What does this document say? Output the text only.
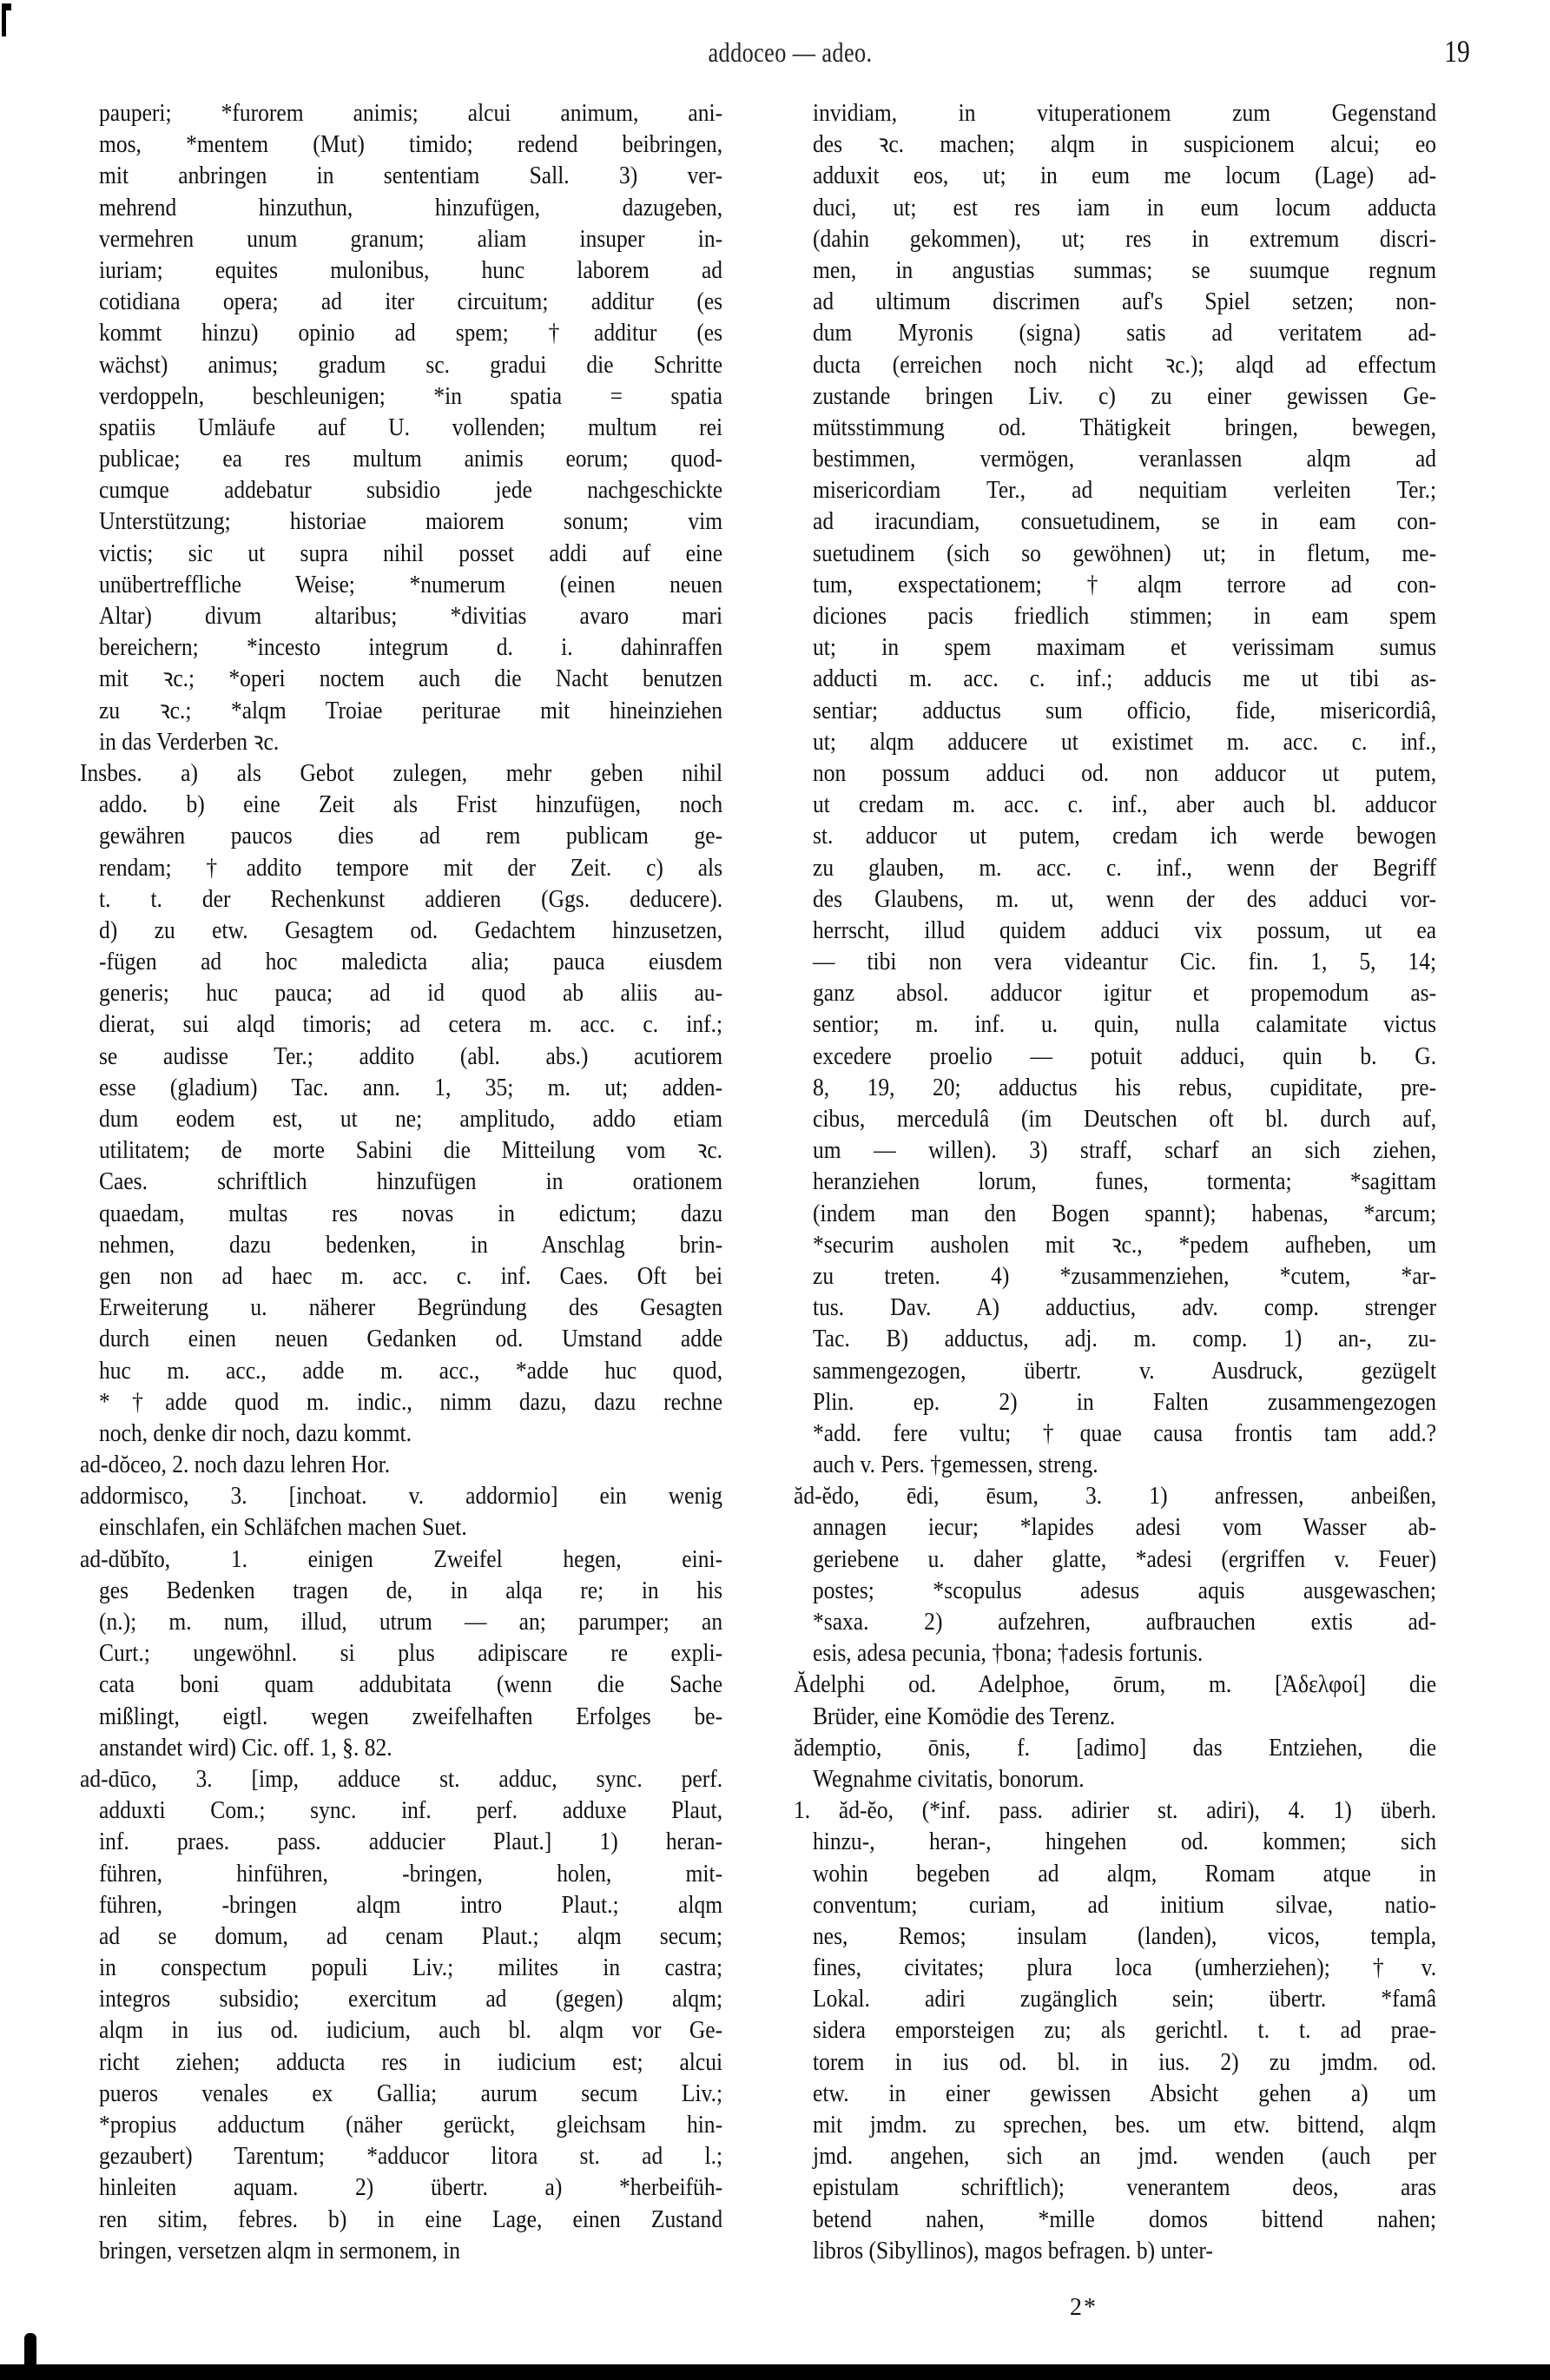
addoceo — adeo.	19
pauperi; *furorem animis; alcui animum, ani-
mos, *mentem (Mut) timido; redend beibringen,
mit anbringen in sententiam Sall. 3) ver-
mehrend hinzuthun, hinzufügen, dazugeben,
vermehren unum granum; aliam insuper in-
iuriam; equites mulonibus, hunc laborem ad
cotidiana opera; ad iter circuitum; additur (es
kommt hinzu) opinio ad spem; †additur (es
wächst) animus; gradum sc. gradui die Schritte
verdoppeln, beschleunigen; *in spatia = spatia
spatiis Umläufe auf U. vollenden; multum rei
publicae; ea res multum animis eorum; quod-
cumque addebatur subsidio jede nachgeschickte
Unterstützung; historiae maiorem sonum; vim
victis; sic ut supra nihil posset addi auf eine
unübertreffliche Weise; *numerum (einen neuen
Altar) divum altaribus; *divitias avaro mari
bereichern; *incesto integrum d. i. dahinraffen
mit ꝛc.; *operi noctem auch die Nacht benutzen
zu ꝛc.; *alqm Troiae periturae mit hineinziehen
in das Verderben ꝛc.
Insbes. a) als Gebot zulegen, mehr geben nihil
addo. b) eine Zeit als Frist hinzufügen, noch
gewähren paucos dies ad rem publicam ge-
rendam; †addito tempore mit der Zeit. c) als
t. t. der Rechenkunst addieren (Ggs. deducere).
d) zu etw. Gesagtem od. Gedachtem hinzusetzen,
-fügen ad hoc maledicta alia; pauca eiusdem
generis; huc pauca; ad id quod ab aliis au-
dierat, sui alqd timoris; ad cetera m. acc. c. inf.;
se audisse Ter.; addito (abl. abs.) acutiorem
esse (gladium) Tac. ann. 1, 35; m. ut; adden-
dum eodem est, ut ne; amplitudo, addo etiam
utilitatem; de morte Sabini die Mitteilung vom ꝛc.
Caes. schriftlich hinzufügen in orationem
quaedam, multas res novas in edictum; dazu
nehmen, dazu bedenken, in Anschlag brin-
gen non ad haec m. acc. c. inf. Caes. Oft bei
Erweiterung u. näherer Begründung des Gesagten
durch einen neuen Gedanken od. Umstand adde
huc m. acc., adde m. acc., *adde huc quod,
*†adde quod m. indic., nimm dazu, dazu rechne
noch, denke dir noch, dazu kommt.
ad-dŏceo, 2. noch dazu lehren Hor.
addormisco, 3. [inchoat. v. addormio] ein wenig
einschlafen, ein Schläfchen machen Suet.
ad-dŭbĭto, 1. einigen Zweifel hegen, eini-
ges Bedenken tragen de, in alqa re; in his
(n.); m. num, illud, utrum — an; parumper; an
Curt.; ungewöhnl. si plus adipiscare re expli-
cata boni quam addubitata (wenn die Sache
mißlingt, eigtl. wegen zweifelhaften Erfolges be-
anstandet wird) Cic. off. 1, §. 82.
ad-dūco, 3. [imp, adduce st. adduc, sync. perf.
adduxti Com.; sync. inf. perf. adduxe Plaut,
inf. praes. pass. adducier Plaut.] 1) heran-
führen, hinführen, -bringen, holen, mit-
führen, -bringen alqm intro Plaut.; alqm
ad se domum, ad cenam Plaut.; alqm secum;
in conspectum populi Liv.; milites in castra;
integros subsidio; exercitum ad (gegen) alqm;
alqm in ius od. iudicium, auch bl. alqm vor Ge-
richt ziehen; adducta res in iudicium est; alcui
pueros venales ex Gallia; aurum secum Liv.;
*propius adductum (näher gerückt, gleichsam hin-
gezaubert) Tarentum; *adducor litora st. ad l.;
hinleiten aquam. 2) übertr. a) *herbeifüh-
ren sitim, febres. b) in eine Lage, einen Zustand
bringen, versetzen alqm in sermonem, in
invidiam, in vituperationem zum Gegenstand
des ꝛc. machen; alqm in suspicionem alcui; eo
adduxit eos, ut; in eum me locum (Lage) ad-
duci, ut; est res iam in eum locum adducta
(dahin gekommen), ut; res in extremum discri-
men, in angustias summas; se suumque regnum
ad ultimum discrimen auf's Spiel setzen; non-
dum Myronis (signa) satis ad veritatem ad-
ducta (erreichen noch nicht ꝛc.); alqd ad effectum
zustande bringen Liv. c) zu einer gewissen Ge-
mütsstimmung od. Thätigkeit bringen, bewegen,
bestimmen, vermögen, veranlassen alqm ad
misericordiam Ter., ad nequitiam verleiten Ter.;
ad iracundiam, consuetudinem, se in eam con-
suetudinem (sich so gewöhnen) ut; in fletum, me-
tum, exspectationem; †alqm terrore ad con-
diciones pacis friedlich stimmen; in eam spem
ut; in spem maximam et verissimam sumus
adducti m. acc. c. inf.; adducis me ut tibi as-
sentiar; adductus sum officio, fide, misericordiâ,
ut; alqm adducere ut existimet m. acc. c. inf.,
non possum adduci od. non adducor ut putem,
ut credam m. acc. c. inf., aber auch bl. adducor
st. adducor ut putem, credam ich werde bewogen
zu glauben, m. acc. c. inf., wenn der Begriff
des Glaubens, m. ut, wenn der des adduci vor-
herrscht, illud quidem adduci vix possum, ut ea
— tibi non vera videantur Cic. fin. 1, 5, 14;
ganz absol. adducor igitur et propemodum as-
sentior; m. inf. u. quin, nulla calamitate victus
excedere proelio — potuit adduci, quin b. G.
8, 19, 20; adductus his rebus, cupiditate, pre-
cibus, mercedulâ (im Deutschen oft bl. durch auf,
um — willen). 3) straff, scharf an sich ziehen,
heranziehen lorum, funes, tormenta; *sagittam
(indem man den Bogen spannt); habenas, *arcum;
*securim ausholen mit ꝛc., *pedem aufheben, um
zu treten. 4) *zusammenziehen, *cutem, *ar-
tus. Dav. A) adductius, adv. comp. strenger
Tac. B) adductus, adj. m. comp. 1) an-, zu-
sammengezogen, übertr. v. Ausdruck, gezügelt
Plin. ep. 2) in Falten zusammengezogen
*add. fere vultu; †quae causa frontis tam add.?
auch v. Pers. †gemessen, streng.
ăd-ĕdo, ēdi, ēsum, 3. 1) anfressen, anbeißen,
annagen iecur; *lapides adesi vom Wasser ab-
geriebene u. daher glatte, *adesi (ergriffen v. Feuer)
postes; *scopulus adesus aquis ausgewaschen;
*saxa. 2) aufzehren, aufbrauchen extis ad-
esis, adesa pecunia, †bona; †adesis fortunis.
Ădelphi od. Adelphoe, ōrum, m. [Ἀδελφοί] die
Brüder, eine Komödie des Terenz.
ădemptio, ōnis, f. [adimo] das Entziehen, die
Wegnahme civitatis, bonorum.
1. ăd-ĕo, (*inf. pass. adirier st. adiri), 4. 1) überh.
hinzu-, heran-, hingehen od. kommen; sich
wohin begeben ad alqm, Romam atque in
conventum; curiam, ad initium silvae, natio-
nes, Remos; insulam (landen), vicos, templa,
fines, civitates; plura loca (umherziehen); †v.
Lokal. adiri zugänglich sein; übertr. *famâ
sidera emporsteigen zu; als gerichtl. t. t. ad prae-
torem in ius od. bl. in ius. 2) zu jmdm. od.
etw. in einer gewissen Absicht gehen a) um
mit jmdm. zu sprechen, bes. um etw. bittend, alqm
jmd. angehen, sich an jmd. wenden (auch per
epistulam schriftlich); venerantem deos, aras
betend nahen, *mille domos bittend nahen;
libros (Sibyllinos), magos befragen. b) unter-
2*
